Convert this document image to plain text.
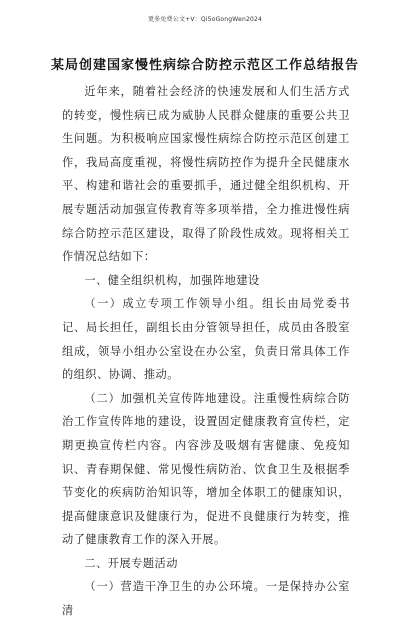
更多免费公文+V：Qi5oGongWen2024
某局创建国家慢性病综合防控示范区工作总结报告

近年来，随着社会经济的快速发展和人们生活方式的转变，慢性病已成为威胁人民群众健康的重要公共卫生问题。为积极响应国家慢性病综合防控示范区创建工作，我局高度重视，将慢性病防控作为提升全民健康水平、构建和谐社会的重要抓手，通过健全组织机构、开展专题活动加强宣传教育等多项举措，全力推进慢性病综合防控示范区建设，取得了阶段性成效。现将相关工作情况总结如下：

一、健全组织机构，加强阵地建设

（一）成立专项工作领导小组。组长由局党委书记、局长担任，副组长由分管领导担任，成员由各股室组成，领导小组办公室设在办公室，负责日常具体工作的组织、协调、推动。

（二）加强机关宣传阵地建设。注重慢性病综合防治工作宣传阵地的建设，设置固定健康教育宣传栏，定期更换宣传栏内容。内容涉及吸烟有害健康、免疫知识、青春期保健、常见慢性病防治、饮食卫生及根据季节变化的疾病防治知识等，增加全体职工的健康知识，提高健康意识及健康行为，促进不良健康行为转变，推动了健康教育工作的深入开展。

二、开展专题活动

（一）营造干净卫生的办公环境。一是保持办公室清
